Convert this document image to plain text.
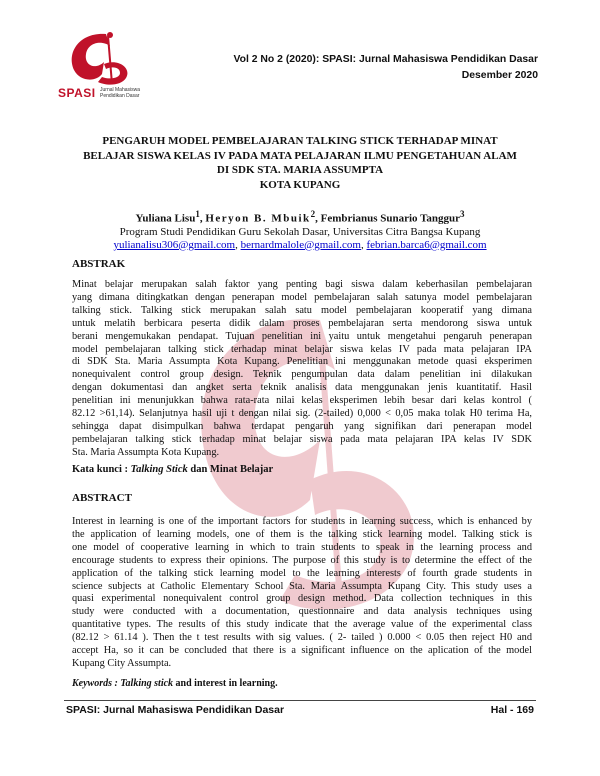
SPASI Jurnal Mahasiswa
Pendidikan Dasar
Vol 2 No 2 (2020): SPASI: Jurnal Mahasiswa Pendidikan Dasar
Desember 2020
PENGARUH MODEL PEMBELAJARAN TALKING STICK TERHADAP MINAT
BELAJAR SISWA KELAS IV PADA MATA PELAJARAN ILMU PENGETAHUAN ALAM
DI SDK STA. MARIA ASSUMPTA
KOTA KUPANG
Yuliana Lisu$^1$, Heryon B. Mbuik$^2$, Fembrianus Sunario Tanggur$^3$
Program Studi Pendidikan Guru Sekolah Dasar, Universitas Citra Bangsa Kupang
yulianalisu306@gmail.com, bernardmalole@gmail.com, febrian.barca6@gmail.com
ABSTRAK
Minat belajar merupakan salah faktor yang penting bagi siswa dalam keberhasilan pembelajaran
yang dimana ditingkatkan dengan penerapan model pembelajaran salah satunya model pembelajaran
talking stick. Talking stick merupakan salah satu model pembelajaran kooperatif yang dimana
untuk melatih berbicara peserta didik dalam proses pembelajaran serta mendorong siswa untuk
berani mengemukakan pendapat. Tujuan penelitian ini yaitu untuk mengetahui pengaruh penerapan
model pembelajaran talking stick terhadap minat belajar siswa kelas IV pada mata pelajaran IPA
di SDK Sta. Maria Assumpta Kota Kupang. Penelitian ini menggunakan metode quasi eksperimen
nonequivalent control group design. Teknik pengumpulan data dalam penelitian ini dilakukan
dengan dokumentasi dan angket serta teknik analisis data menggunakan jenis kuantitatif. Hasil
penelitian ini menunjukkan bahwa rata-rata nilai kelas eksperimen lebih besar dari kelas kontrol (
82.12 >61,14). Selanjutnya hasil uji t dengan nilai sig. (2-tailed) 0,000 < 0,05 maka tolak H0 terima Ha,
sehingga dapat disimpulkan bahwa terdapat pengaruh yang signifikan dari penerapan model
pembelajaran talking stick terhadap minat belajar siswa pada mata pelajaran IPA kelas IV SDK
Sta. Maria Assumpta Kota Kupang.
Kata kunci : Talking Stick dan Minat Belajar
ABSTRACT
Interest in learning is one of the important factors for students in learning success, which is enhanced by
the application of learning models, one of them is the talking stick learning model. Talking stick is
one model of cooperative learning in which to train students to speak in the learning process and
encourage students to express their opinions. The purpose of this study is to determine the effect of the
application of the talking stick learning model to the learning interests of fourth grade students in
science subjects at Catholic Elementary School Sta. Maria Assumpta Kupang City. This study uses a
quasi experimental nonequivalent control group design method. Data collection techniques in this
study were conducted with a documentation, questionnaire and data analysis techniques using
quantitative types. The results of this study indicate that the average value of the experimental class
(82.12 > 61.14 ). Then the t test results with sig values. ( 2- tailed ) 0.000 < 0.05 then reject H0 and
accept Ha, so it can be concluded that there is a significant influence on the aplication of the model
Kupang City Assumpta.
Keywords : Talking stick and interest in learning.
SPASI: Jurnal Mahasiswa Pendidikan Dasar	Hal - 169
